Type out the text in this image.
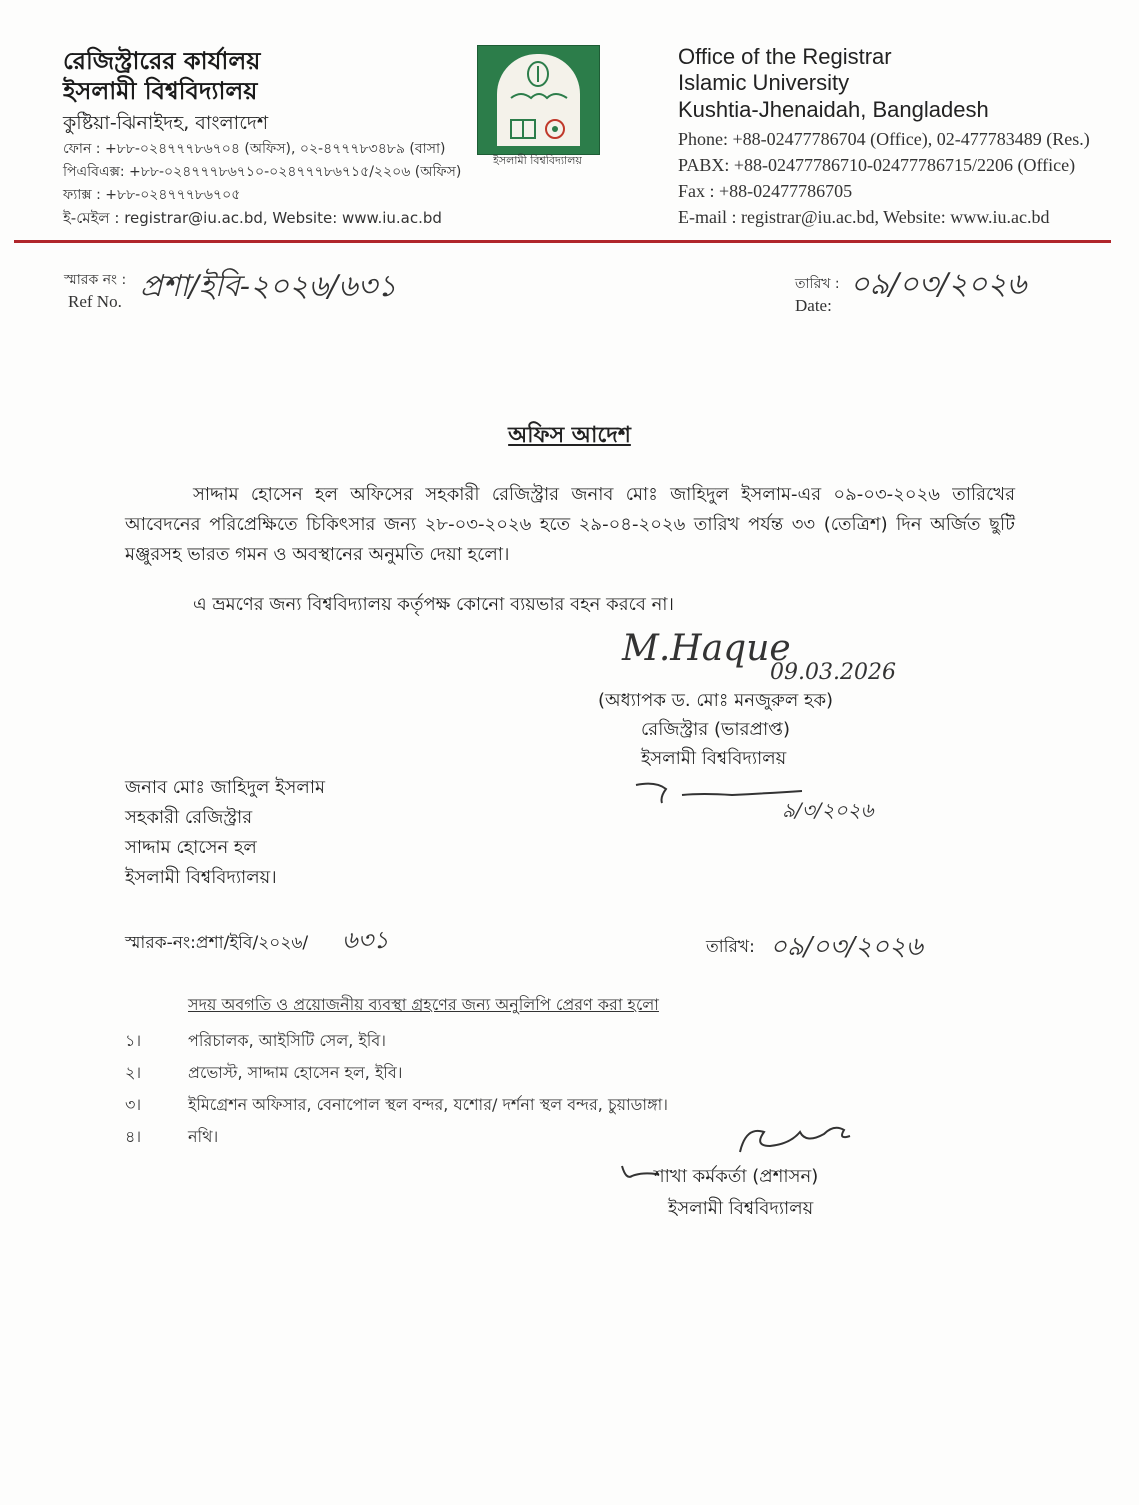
রেজিস্ট্রারের কার্যালয়
ইসলামী বিশ্ববিদ্যালয়
কুষ্টিয়া-ঝিনাইদহ, বাংলাদেশ
ফোন : +৮৮-০২৪৭৭৭৮৬৭০৪ (অফিস), ০২-৪৭৭৭৮৩৪৮৯ (বাসা)
পিএবিএক্স: +৮৮-০২৪৭৭৭৮৬৭১০-০২৪৭৭৭৮৬৭১৫/২২০৬ (অফিস)
ফ্যাক্স : +৮৮-০২৪৭৭৭৮৬৭০৫
ই-মেইল : registrar@iu.ac.bd, Website: www.iu.ac.bd
ইসলামী বিশ্ববিদ্যালয়
Office of the Registrar
Islamic University
Kushtia-Jhenaidah, Bangladesh
Phone: +88-02477786704 (Office), 02-477783489 (Res.)
PABX: +88-02477786710-02477786715/2206 (Office)
Fax : +88-02477786705
E-mail : registrar@iu.ac.bd, Website: www.iu.ac.bd
স্মারক নং :
Ref No. প্রশা/ইবি-২০২৬/৬৩১	তারিখ :
Date:
০৯/০৩/২০২৬
অফিস আদেশ
সাদ্দাম হোসেন হল অফিসের সহকারী রেজিস্ট্রার জনাব মোঃ জাহিদুল ইসলাম-এর ০৯-০৩-২০২৬ তারিখের আবেদনের পরিপ্রেক্ষিতে চিকিৎসার জন্য ২৮-০৩-২০২৬ হতে ২৯-০৪-২০২৬ তারিখ পর্যন্ত ৩৩ (তেত্রিশ) দিন অর্জিত ছুটি মঞ্জুরসহ ভারত গমন ও অবস্থানের অনুমতি দেয়া হলো।
এ ভ্রমণের জন্য বিশ্ববিদ্যালয় কর্তৃপক্ষ কোনো ব্যয়ভার বহন করবে না।
M.Haque
09.03.2026
(অধ্যাপক ড. মোঃ মনজুরুল হক)
রেজিস্ট্রার (ভারপ্রাপ্ত)
ইসলামী বিশ্ববিদ্যালয়
৯/৩/২০২৬
জনাব মোঃ জাহিদুল ইসলাম
সহকারী রেজিস্ট্রার
সাদ্দাম হোসেন হল
ইসলামী বিশ্ববিদ্যালয়।
স্মারক-নং:প্রশা/ইবি/২০২৬/ ৬৩১	তারিখ: ০৯/০৩/২০২৬
সদয় অবগতি ও প্রয়োজনীয় ব্যবস্থা গ্রহণের জন্য অনুলিপি প্রেরণ করা হলো
১।	পরিচালক, আইসিটি সেল, ইবি।
২।	প্রভোস্ট, সাদ্দাম হোসেন হল, ইবি।
৩।	ইমিগ্রেশন অফিসার, বেনাপোল স্থল বন্দর, যশোর/ দর্শনা স্থল বন্দর, চুয়াডাঙ্গা।
৪।	নথি।
শাখা কর্মকর্তা (প্রশাসন)
ইসলামী বিশ্ববিদ্যালয়
